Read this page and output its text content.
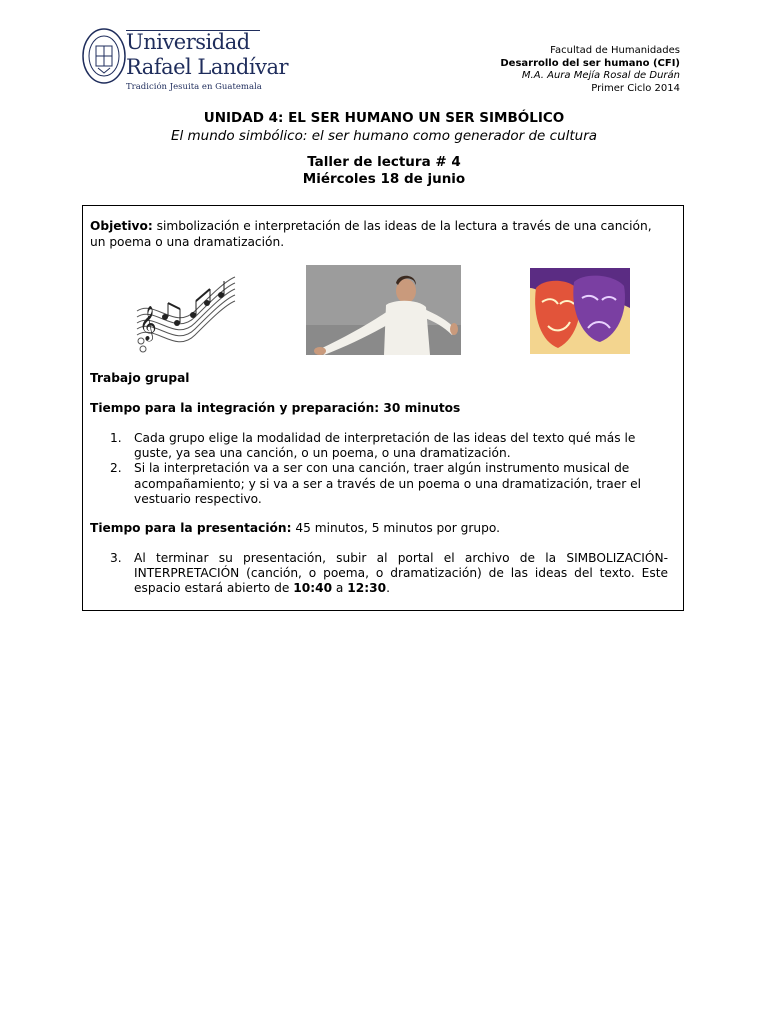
Universidad
Rafael Landívar
Tradición Jesuita en Guatemala
Facultad de Humanidades
Desarrollo del ser humano (CFI)
M.A. Aura Mejía Rosal de Durán
Primer Ciclo 2014
UNIDAD 4: EL SER HUMANO UN SER SIMBÓLICO
El mundo simbólico: el ser humano como generador de cultura
Taller de lectura # 4
Miércoles 18 de junio

Objetivo: simbolización e interpretación de las ideas de la lectura a través de una canción, un poema o una dramatización.

𝄞
Trabajo grupal
Tiempo para la integración y preparación: 30 minutos
1. Cada grupo elige la modalidad de interpretación de las ideas del texto qué más le guste, ya sea una canción, o un poema, o una dramatización.
2. Si la interpretación va a ser con una canción, traer algún instrumento musical de acompañamiento; y si va a ser a través de un poema o una dramatización, traer el vestuario respectivo.
Tiempo para la presentación: 45 minutos, 5 minutos por grupo.
3. Al terminar su presentación, subir al portal el archivo de la SIMBOLIZACIÓN-INTERPRETACIÓN (canción, o poema, o dramatización) de las ideas del texto. Este espacio estará abierto de 10:40 a 12:30.
